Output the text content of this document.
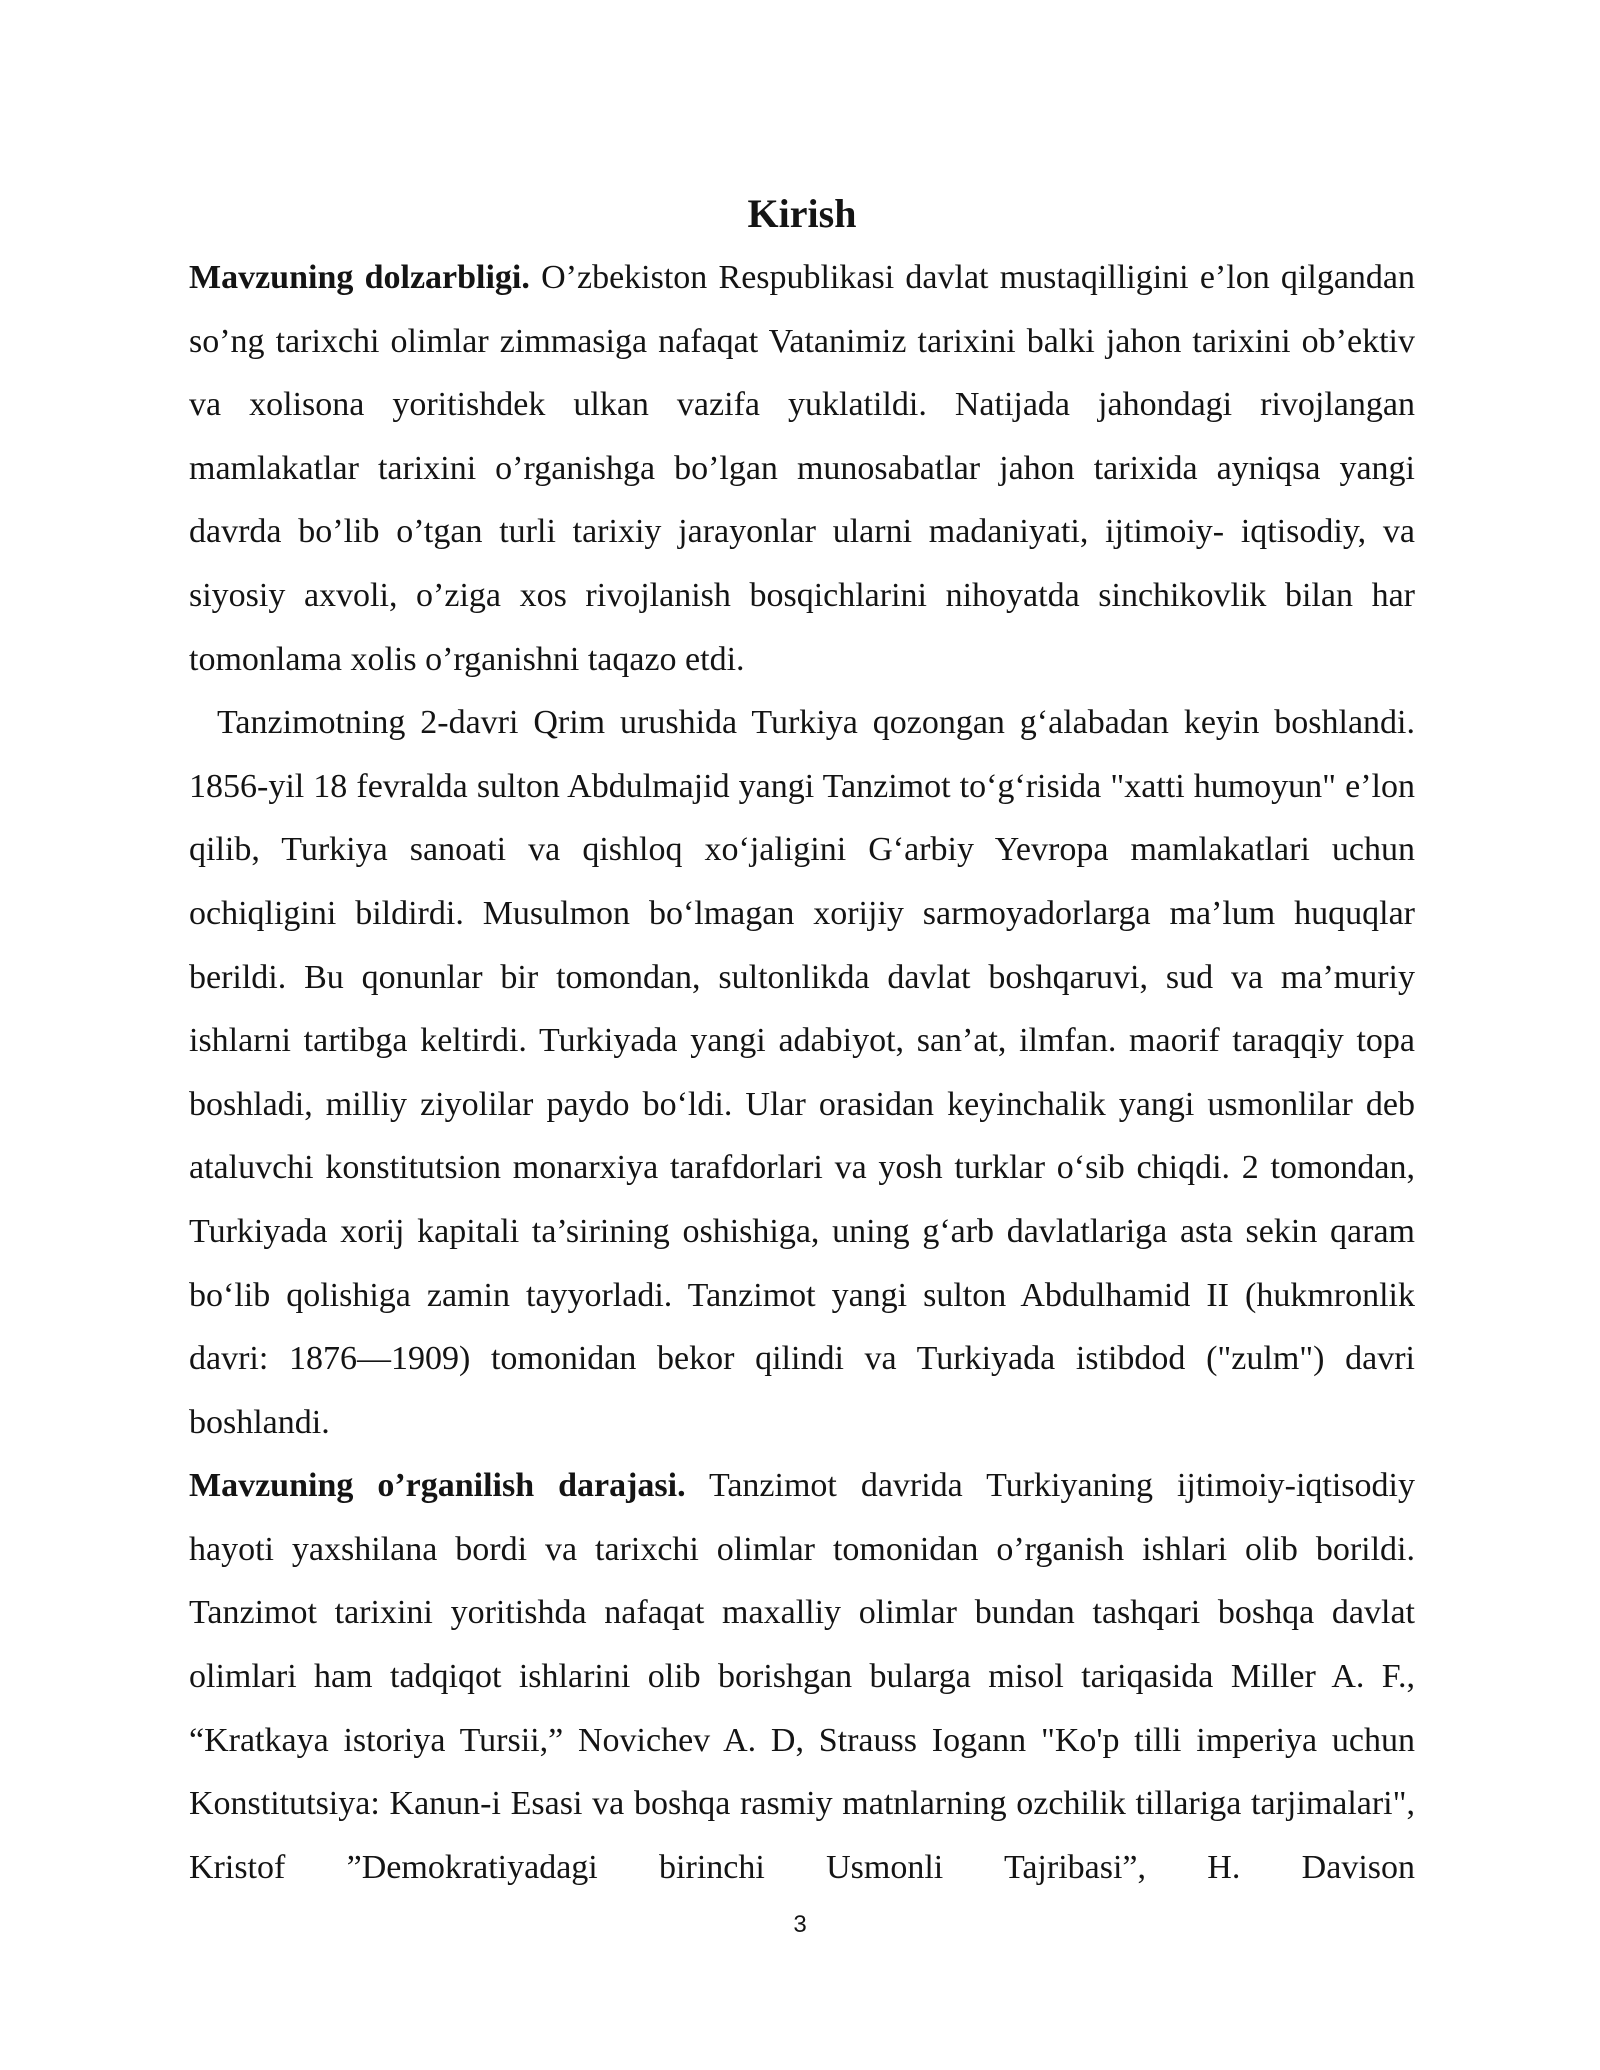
Kirish

Mavzuning dolzarbligi. O’zbekiston Respublikasi davlat mustaqilligini e’lon qilgandan so’ng tarixchi olimlar zimmasiga nafaqat Vatanimiz tarixini balki jahon tarixini ob’ektiv va xolisona yoritishdek ulkan vazifa yuklatildi. Natijada jahondagi rivojlangan mamlakatlar tarixini o’rganishga bo’lgan munosabatlar jahon tarixida ayniqsa yangi davrda bo’lib o’tgan turli tarixiy jarayonlar ularni madaniyati, ijtimoiy- iqtisodiy, va siyosiy axvoli, o’ziga xos rivojlanish bosqichlarini nihoyatda sinchikovlik bilan har tomonlama xolis o’rganishni taqazo etdi.

Tanzimotning 2-davri Qrim urushida Turkiya qozongan g‘alabadan keyin boshlandi. 1856-yil 18 fevralda sulton Abdulmajid yangi Tanzimot to‘g‘risida "xatti humoyun" e’lon qilib, Turkiya sanoati va qishloq xo‘jaligini G‘arbiy Yevropa mamlakatlari uchun ochiqligini bildirdi. Musulmon bo‘lmagan xorijiy sarmoyadorlarga ma’lum huquqlar berildi. Bu qonunlar bir tomondan, sultonlikda davlat boshqaruvi, sud va ma’muriy ishlarni tartibga keltirdi. Turkiyada yangi adabiyot, san’at, ilmfan. maorif taraqqiy topa boshladi, milliy ziyolilar paydo bo‘ldi. Ular orasidan keyinchalik yangi usmonlilar deb ataluvchi konstitutsion monarxiya tarafdorlari va yosh turklar o‘sib chiqdi. 2 tomondan, Turkiyada xorij kapitali ta’sirining oshishiga, uning g‘arb davlatlariga asta sekin qaram bo‘lib qolishiga zamin tayyorladi. Tanzimot yangi sulton Abdulhamid II (hukmronlik davri: 1876—1909) tomonidan bekor qilindi va Turkiyada istibdod ("zulm") davri boshlandi.

Mavzuning o’rganilish darajasi. Tanzimot davrida Turkiyaning ijtimoiy-iqtisodiy hayoti yaxshilana bordi va tarixchi olimlar tomonidan o’rganish ishlari olib borildi. Tanzimot tarixini yoritishda nafaqat maxalliy olimlar bundan tashqari boshqa davlat olimlari ham tadqiqot ishlarini olib borishgan bularga misol tariqasida Miller A. F., “Kratkaya istoriya Tursii,” Novichev A. D, Strauss Iogann "Ko'p tilli imperiya uchun Konstitutsiya: Kanun-i Esasi va boshqa rasmiy matnlarning ozchilik tillariga tarjimalari", Kristof ”Demokratiyadagi birinchi Usmonli Tajribasi”, H. Davison

3
